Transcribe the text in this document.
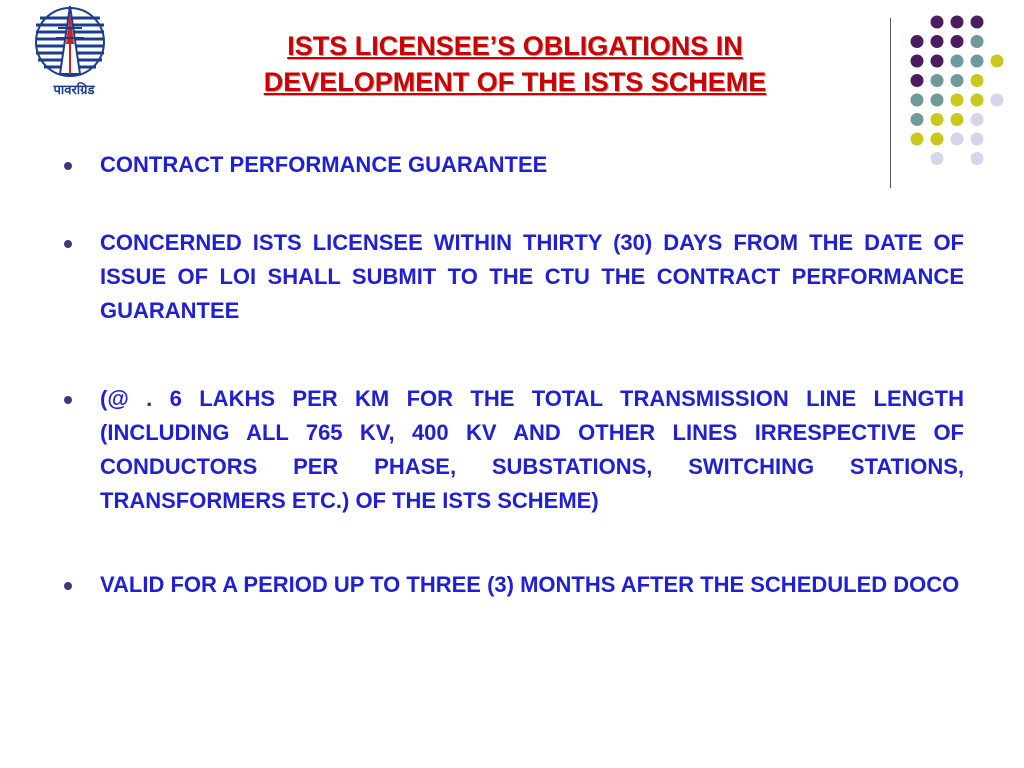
पावरग्रिड
ISTS LICENSEE’S OBLIGATIONS IN
DEVELOPMENT OF THE ISTS SCHEME
CONTRACT PERFORMANCE GUARANTEE
CONCERNED ISTS LICENSEE WITHIN THIRTY (30) DAYS FROM THE DATE OF ISSUE OF LOI SHALL SUBMIT TO THE CTU THE CONTRACT PERFORMANCE GUARANTEE
(@ . 6 LAKHS PER KM FOR THE TOTAL TRANSMISSION LINE LENGTH (INCLUDING ALL 765 KV, 400 KV AND OTHER LINES IRRESPECTIVE OF CONDUCTORS PER PHASE, SUBSTATIONS, SWITCHING STATIONS, TRANSFORMERS ETC.) OF THE ISTS SCHEME)
VALID FOR A PERIOD UP TO THREE (3) MONTHS AFTER THE SCHEDULED DOCO
